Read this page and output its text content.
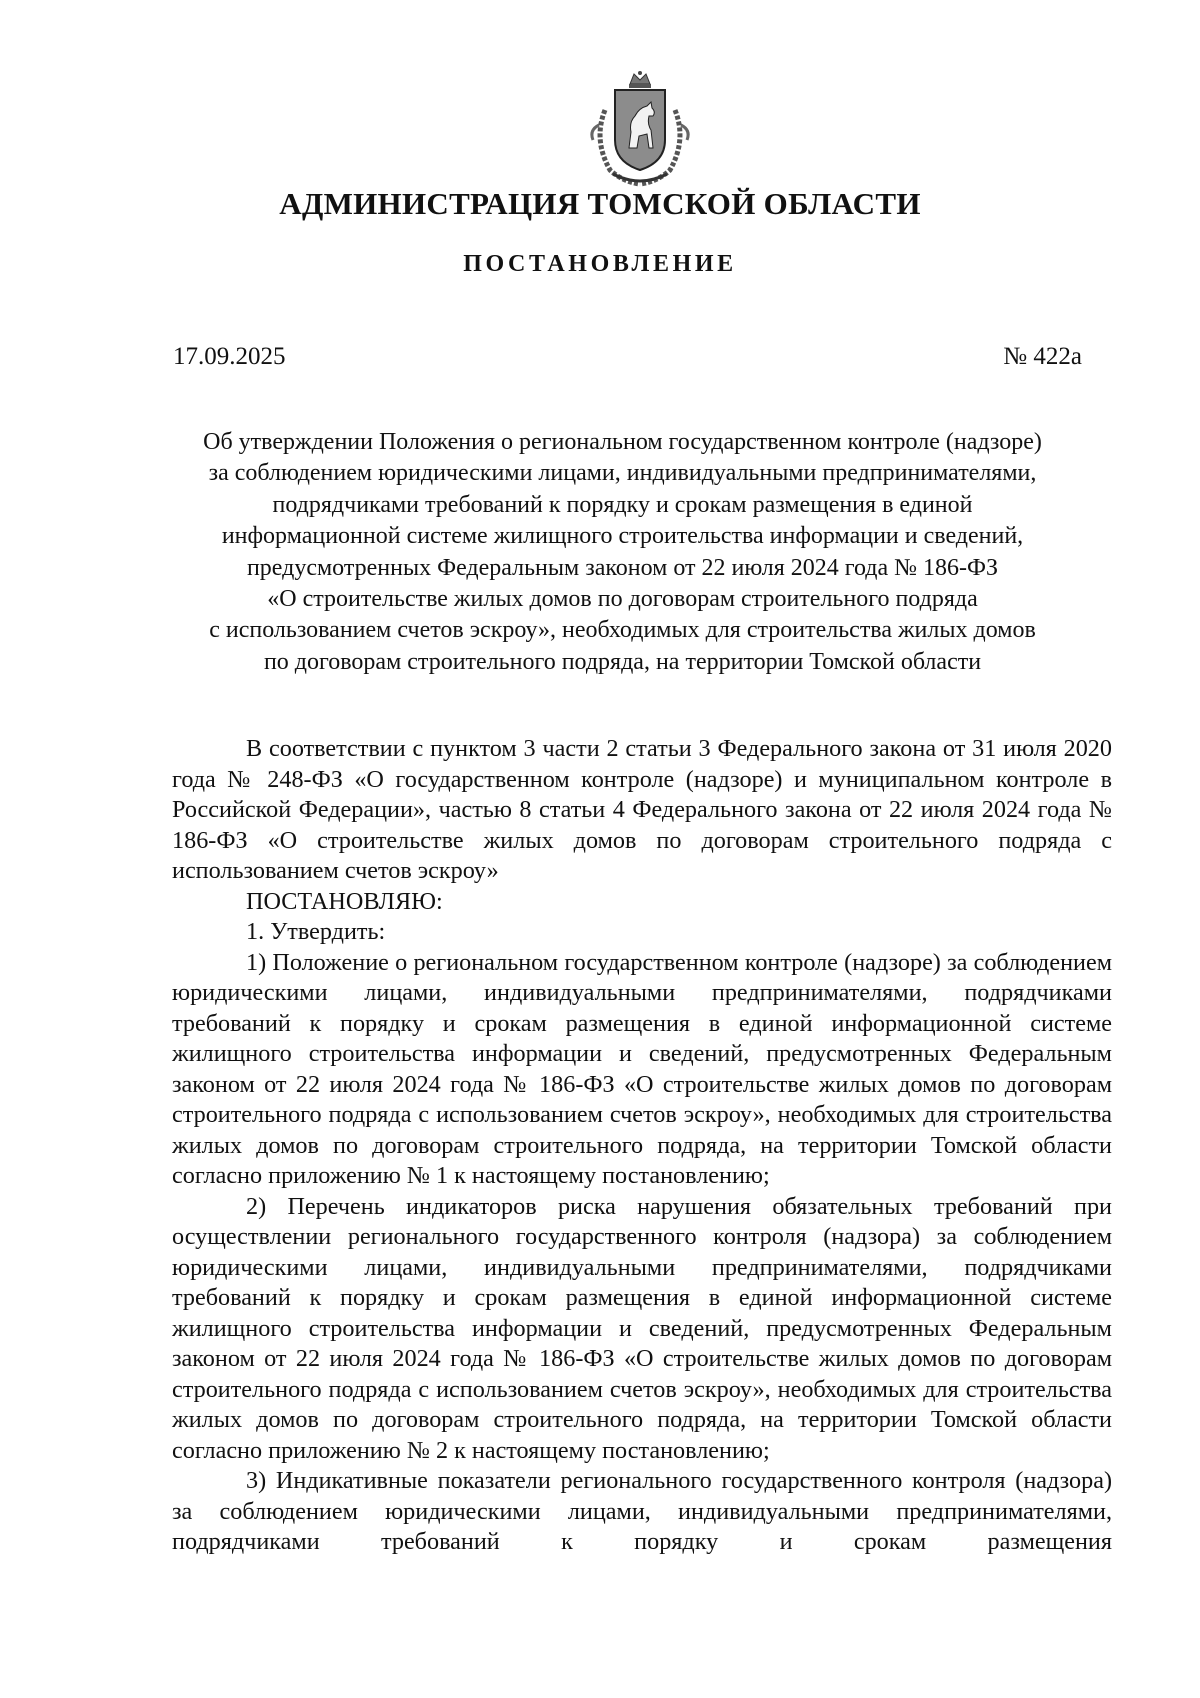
АДМИНИСТРАЦИЯ ТОМСКОЙ ОБЛАСТИ
ПОСТАНОВЛЕНИЕ
17.09.2025	№ 422а
Об утверждении Положения о региональном государственном контроле (надзоре)
за соблюдением юридическими лицами, индивидуальными предпринимателями,
подрядчиками требований к порядку и срокам размещения в единой
информационной системе жилищного строительства информации и сведений,
предусмотренных Федеральным законом от 22 июля 2024 года № 186-ФЗ
«О строительстве жилых домов по договорам строительного подряда
с использованием счетов эскроу», необходимых для строительства жилых домов
по договорам строительного подряда, на территории Томской области

В соответствии с пунктом 3 части 2 статьи 3 Федерального закона от 31 июля 2020 года № 248-ФЗ «О государственном контроле (надзоре) и муниципальном контроле в Российской Федерации», частью 8 статьи 4 Федерального закона от 22 июля 2024 года № 186-ФЗ «О строительстве жилых домов по договорам строительного подряда с использованием счетов эскроу»

ПОСТАНОВЛЯЮ:

1. Утвердить:

1) Положение о региональном государственном контроле (надзоре) за соблюдением юридическими лицами, индивидуальными предпринимателями, подрядчиками требований к порядку и срокам размещения в единой информационной системе жилищного строительства информации и сведений, предусмотренных Федеральным законом от 22 июля 2024 года № 186-ФЗ «О строительстве жилых домов по договорам строительного подряда с использованием счетов эскроу», необходимых для строительства жилых домов по договорам строительного подряда, на территории Томской области согласно приложению № 1 к настоящему постановлению;

2) Перечень индикаторов риска нарушения обязательных требований при осуществлении регионального государственного контроля (надзора) за соблюдением юридическими лицами, индивидуальными предпринимателями, подрядчиками требований к порядку и срокам размещения в единой информационной системе жилищного строительства информации и сведений, предусмотренных Федеральным законом от 22 июля 2024 года № 186-ФЗ «О строительстве жилых домов по договорам строительного подряда с использованием счетов эскроу», необходимых для строительства жилых домов по договорам строительного подряда, на территории Томской области согласно приложению № 2 к настоящему постановлению;

3) Индикативные показатели регионального государственного контроля (надзора) за соблюдением юридическими лицами, индивидуальными предпринимателями, подрядчиками требований к порядку и срокам размещения
